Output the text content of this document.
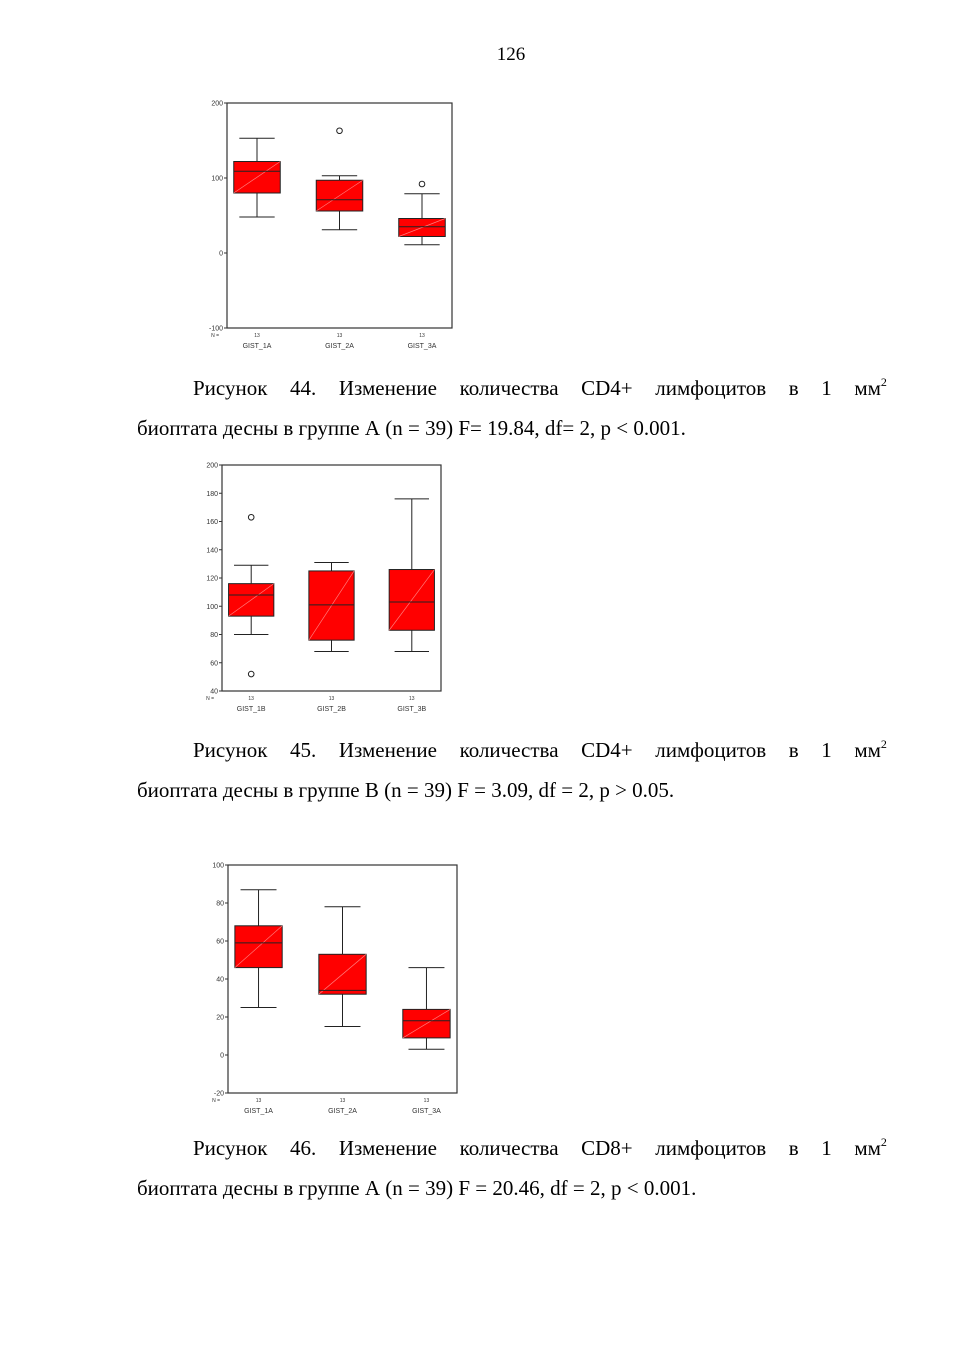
126
-100
0
100
200
N =	13
GIST_1A
13
GIST_2A
13
GIST_3A
Рисунок 44. Изменение количества CD4+ лимфоцитов в 1 $мм^2$
биоптата десны в группе А (n = 39) F= 19.84, df= 2, p < 0.001.
40
60
80
100
120
140
160
180
200
N =	13
GIST_1B
13
GIST_2B
13
GIST_3B
Рисунок 45. Изменение количества CD4+ лимфоцитов в 1 $мм^2$
биоптата десны в группе В (n = 39) F = 3.09, df = 2, p > 0.05.
-20
0
20
40
60
80
100
N =	13
GIST_1A
13
GIST_2A
13
GIST_3A
Рисунок 46. Изменение количества CD8+ лимфоцитов в 1 $мм^2$
биоптата десны в группе А (n = 39) F = 20.46, df = 2, p < 0.001.
